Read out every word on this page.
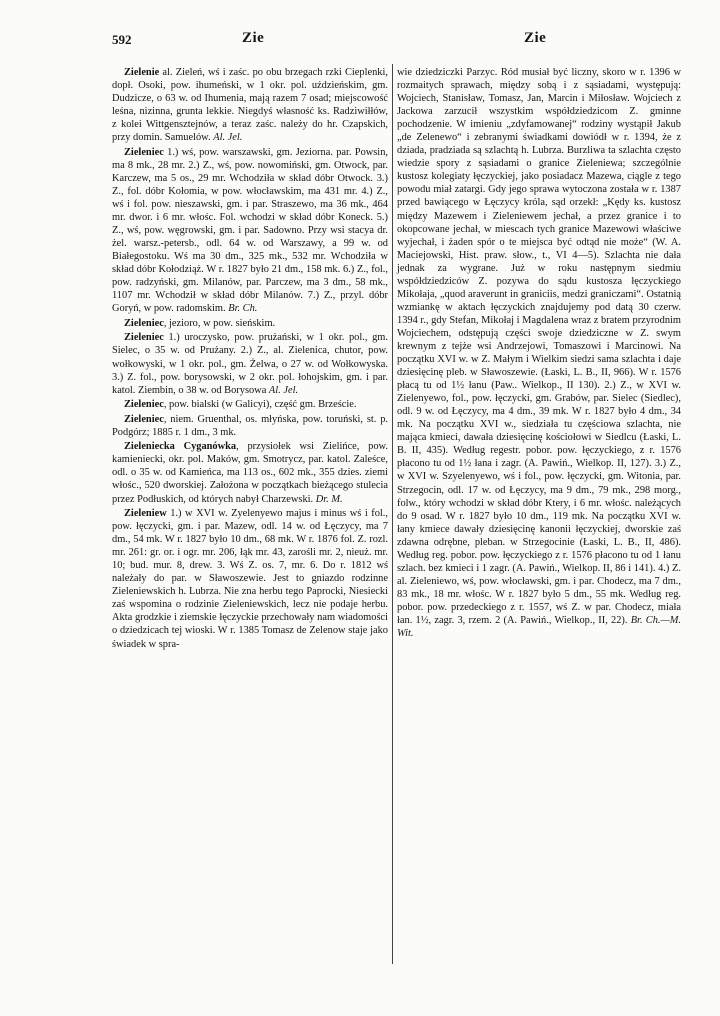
592	Zie	Zie

Zielenie al. Zieleń, wś i zaśc. po obu brzegach rzki Cieplenki, dopł. Osoki, pow. ihumeński, w 1 okr. pol. uździeńskim, gm. Dudziczе, o 63 w. od Ihumenia, mają razem 7 osad; miejscowość leśna, nizinna, grunta lekkie. Niegdyś własność ks. Radziwiłłów, z kolei Wittgensztejnów, a teraz zaśc. należy do hr. Czapskich, przy domin. Samuelów. Al. Jel.

Zieleniec 1.) wś, pow. warszawski, gm. Jeziorna. par. Powsin, ma 8 mk., 28 mr. 2.) Z., wś, pow. nowomiński, gm. Otwock, par. Karczew, ma 5 os., 29 mr. Wchodziła w skład dóbr Otwock. 3.) Z., fol. dóbr Kołomia, w pow. włocławskim, ma 431 mr. 4.) Z., wś i fol. pow. nieszawski, gm. i par. Straszewo, ma 36 mk., 464 mr. dwor. i 6 mr. włośc. Fol. wchodzi w skład dóbr Koneck. 5.) Z., wś, pow. węgrowski, gm. i par. Sadowno. Przy wsi stacya dr. żel. warsz.-petersb., odl. 64 w. od Warszawy, a 99 w. od Białegostoku. Wś ma 30 dm., 325 mk., 532 mr. Wchodziła w skład dóbr Kołodziąż. W r. 1827 było 21 dm., 158 mk. 6.) Z., fol., pow. radzyński, gm. Milanów, par. Parczew, ma 3 dm., 58 mk., 1107 mr. Wchodził w skład dóbr Milanów. 7.) Z., przyl. dóbr Goryń, w pow. radomskim. Br. Ch.

Zieleniec, jezioro, w pow. sieńskim.

Zieleniec 1.) uroczysko, pow. prużański, w 1 okr. pol., gm. Sielec, o 35 w. od Prużany. 2.) Z., al. Zielenica, chutor, pow. wołkowyski, w 1 okr. pol., gm. Żelwa, o 27 w. od Wołkowyska. 3.) Z. fol., pow. borysowski, w 2 okr. pol. łohojskim, gm. i par. katol. Ziembin, o 38 w. od Borysowa Al. Jel.

Zieleniec, pow. bialski (w Galicyi), część gm. Brzeście.

Zieleniec, niem. Gruenthal, os. młyńska, pow. toruński, st. p. Podgórz; 1885 r. 1 dm., 3 mk.

Zieleniecka Cyganówka, przysiołek wsi Zielińce, pow. kamieniecki, okr. pol. Maków, gm. Smotrycz, par. katol. Zaleśce, odl. o 35 w. od Kamieńca, ma 113 os., 602 mk., 355 dzies. ziemi włośc., 520 dworskiej. Założona w początkach bieżącego stulecia przez Podłuskich, od których nabył Charzewski. Dr. M.

Zieleniew 1.) w XVI w. Zyelenyewo majus i minus wś i fol., pow. łęczycki, gm. i par. Mazew, odl. 14 w. od Łęczycy, ma 7 dm., 54 mk. W r. 1827 było 10 dm., 68 mk. W r. 1876 fol. Z. rozl. mr. 261: gr. or. i ogr. mr. 206, łąk mr. 43, zarośli mr. 2, nieuż. mr. 10; bud. mur. 8, drew. 3. Wś Z. os. 7, mr. 6. Do r. 1812 wś należały do par. w Sławoszewie. Jest to gniazdo rodzinne Zieleniewskich h. Lubrza. Nie zna herbu tego Paprocki, Niesiecki zaś wspomina o rodzinie Zieleniewskich, lecz nie podaje herbu. Akta grodzkie i ziemskie łęczyckie przechowały nam wiadomości o dziedzicach tej wioski. W r. 1385 Tomasz de Zelenow staje jako świadek w spra-

wie dziedziczki Parzyc. Ród musiał być liczny, skoro w r. 1396 w rozmaitych sprawach, między sobą i z sąsiadami, występują: Wojciech, Stanisław, Tomasz, Jan, Marcin i Miłosław. Wojciech z Jackowa zarzucił wszystkim współdziedzicom Z. gminne pochodzenie. W imieniu „zdyfamowanej“ rodziny wystąpił Jakub „de Zelenewo“ i zebranymi świadkami dowiódł w r. 1394, że z dziada, pradziada są szlachtą h. Lubrza. Burzliwa ta szlachta często wiedzie spory z sąsiadami o granice Zieleniewa; szczególnie kustosz kolegiaty łęczyckiej, jako posiadacz Mazewa, ciągle z tego powodu miał zatargi. Gdy jego sprawa wytoczona została w r. 1387 przed bawiącego w Łęczycy króla, sąd orzekł: „Kędy ks. kustosz między Mazewem i Zieleniewem jechał, a przez granice i to okopcowane jechał, w miescach tych granice Mazewowi właściwe wyjechał, i żaden spór o te miejsca być odtąd nie może“ (W. A. Maciejowski, Hist. praw. słow., t., VI 4—5). Szlachta nie dała jednak za wygrane. Już w roku następnym siedmiu współdziedziców Z. pozywa do sądu kustosza łęczyckiego Mikołaja, „quod araverunt in graniciis, medzi graniczami“. Ostatnią wzmiankę w aktach łęczyckich znajdujemy pod datą 30 czerw. 1394 r., gdy Stefan, Mikołaj i Magdalena wraz z bratem przyrodnim Wojciechem, odstępują części swoje dziedziczne w Z. swym krewnym z tejże wsi Andrzejowi, Tomaszowi i Marcinowi. Na początku XVI w. w Z. Małym i Wielkim siedzi sama szlachta i daje dziesięcinę pleb. w Sławoszewie. (Łaski, L. B., II, 966). W r. 1576 płacą tu od 1½ łanu (Paw.. Wielkop., II 130). 2.) Z., w XVI w. Zielenyewo, fol., pow. łęczycki, gm. Grabów, par. Sielec (Siedlec), odl. 9 w. od Łęczycy, ma 4 dm., 39 mk. W r. 1827 było 4 dm., 34 mk. Na początku XVI w., siedziała tu częściowa szlachta, nie mająca kmieci, dawała dziesięcinę kościołowi w Siedlcu (Łaski, L. B. II, 435). Według regestr. pobor. pow. łęczyckiego, z r. 1576 płacono tu od 1½ łana i zagr. (A. Pawiń., Wielkop. II, 127). 3.) Z., w XVI w. Szyelenyewo, wś i fol., pow. łęczycki, gm. Witonia, par. Strzegocin, odl. 17 w. od Łęczycy, ma 9 dm., 79 mk., 298 morg., folw., który wchodzi w skład dóbr Ktery, i 6 mr. włośc. należących do 9 osad. W r. 1827 było 10 dm., 119 mk. Na początku XVI w. łany kmiece dawały dziesięcinę kanonii łęczyckiej, dworskie zaś zdawna odrębne, pleban. w Strzegocinie (Łaski, L. B., II, 486). Według reg. pobor. pow. łęczyckiego z r. 1576 płacono tu od 1 łanu szlach. bez kmieci i 1 zagr. (A. Pawiń., Wielkop. II, 86 i 141). 4.) Z. al. Zieleniewo, wś, pow. włocławski, gm. i par. Chodecz, ma 7 dm., 83 mk., 18 mr. włośc. W r. 1827 było 5 dm., 55 mk. Według reg. pobor. pow. przedeckiego z r. 1557, wś Z. w par. Chodecz, miała łan. 1½, zagr. 3, rzem. 2 (A. Pawiń., Wielkop., II, 22). Br. Ch.—M. Wit.
